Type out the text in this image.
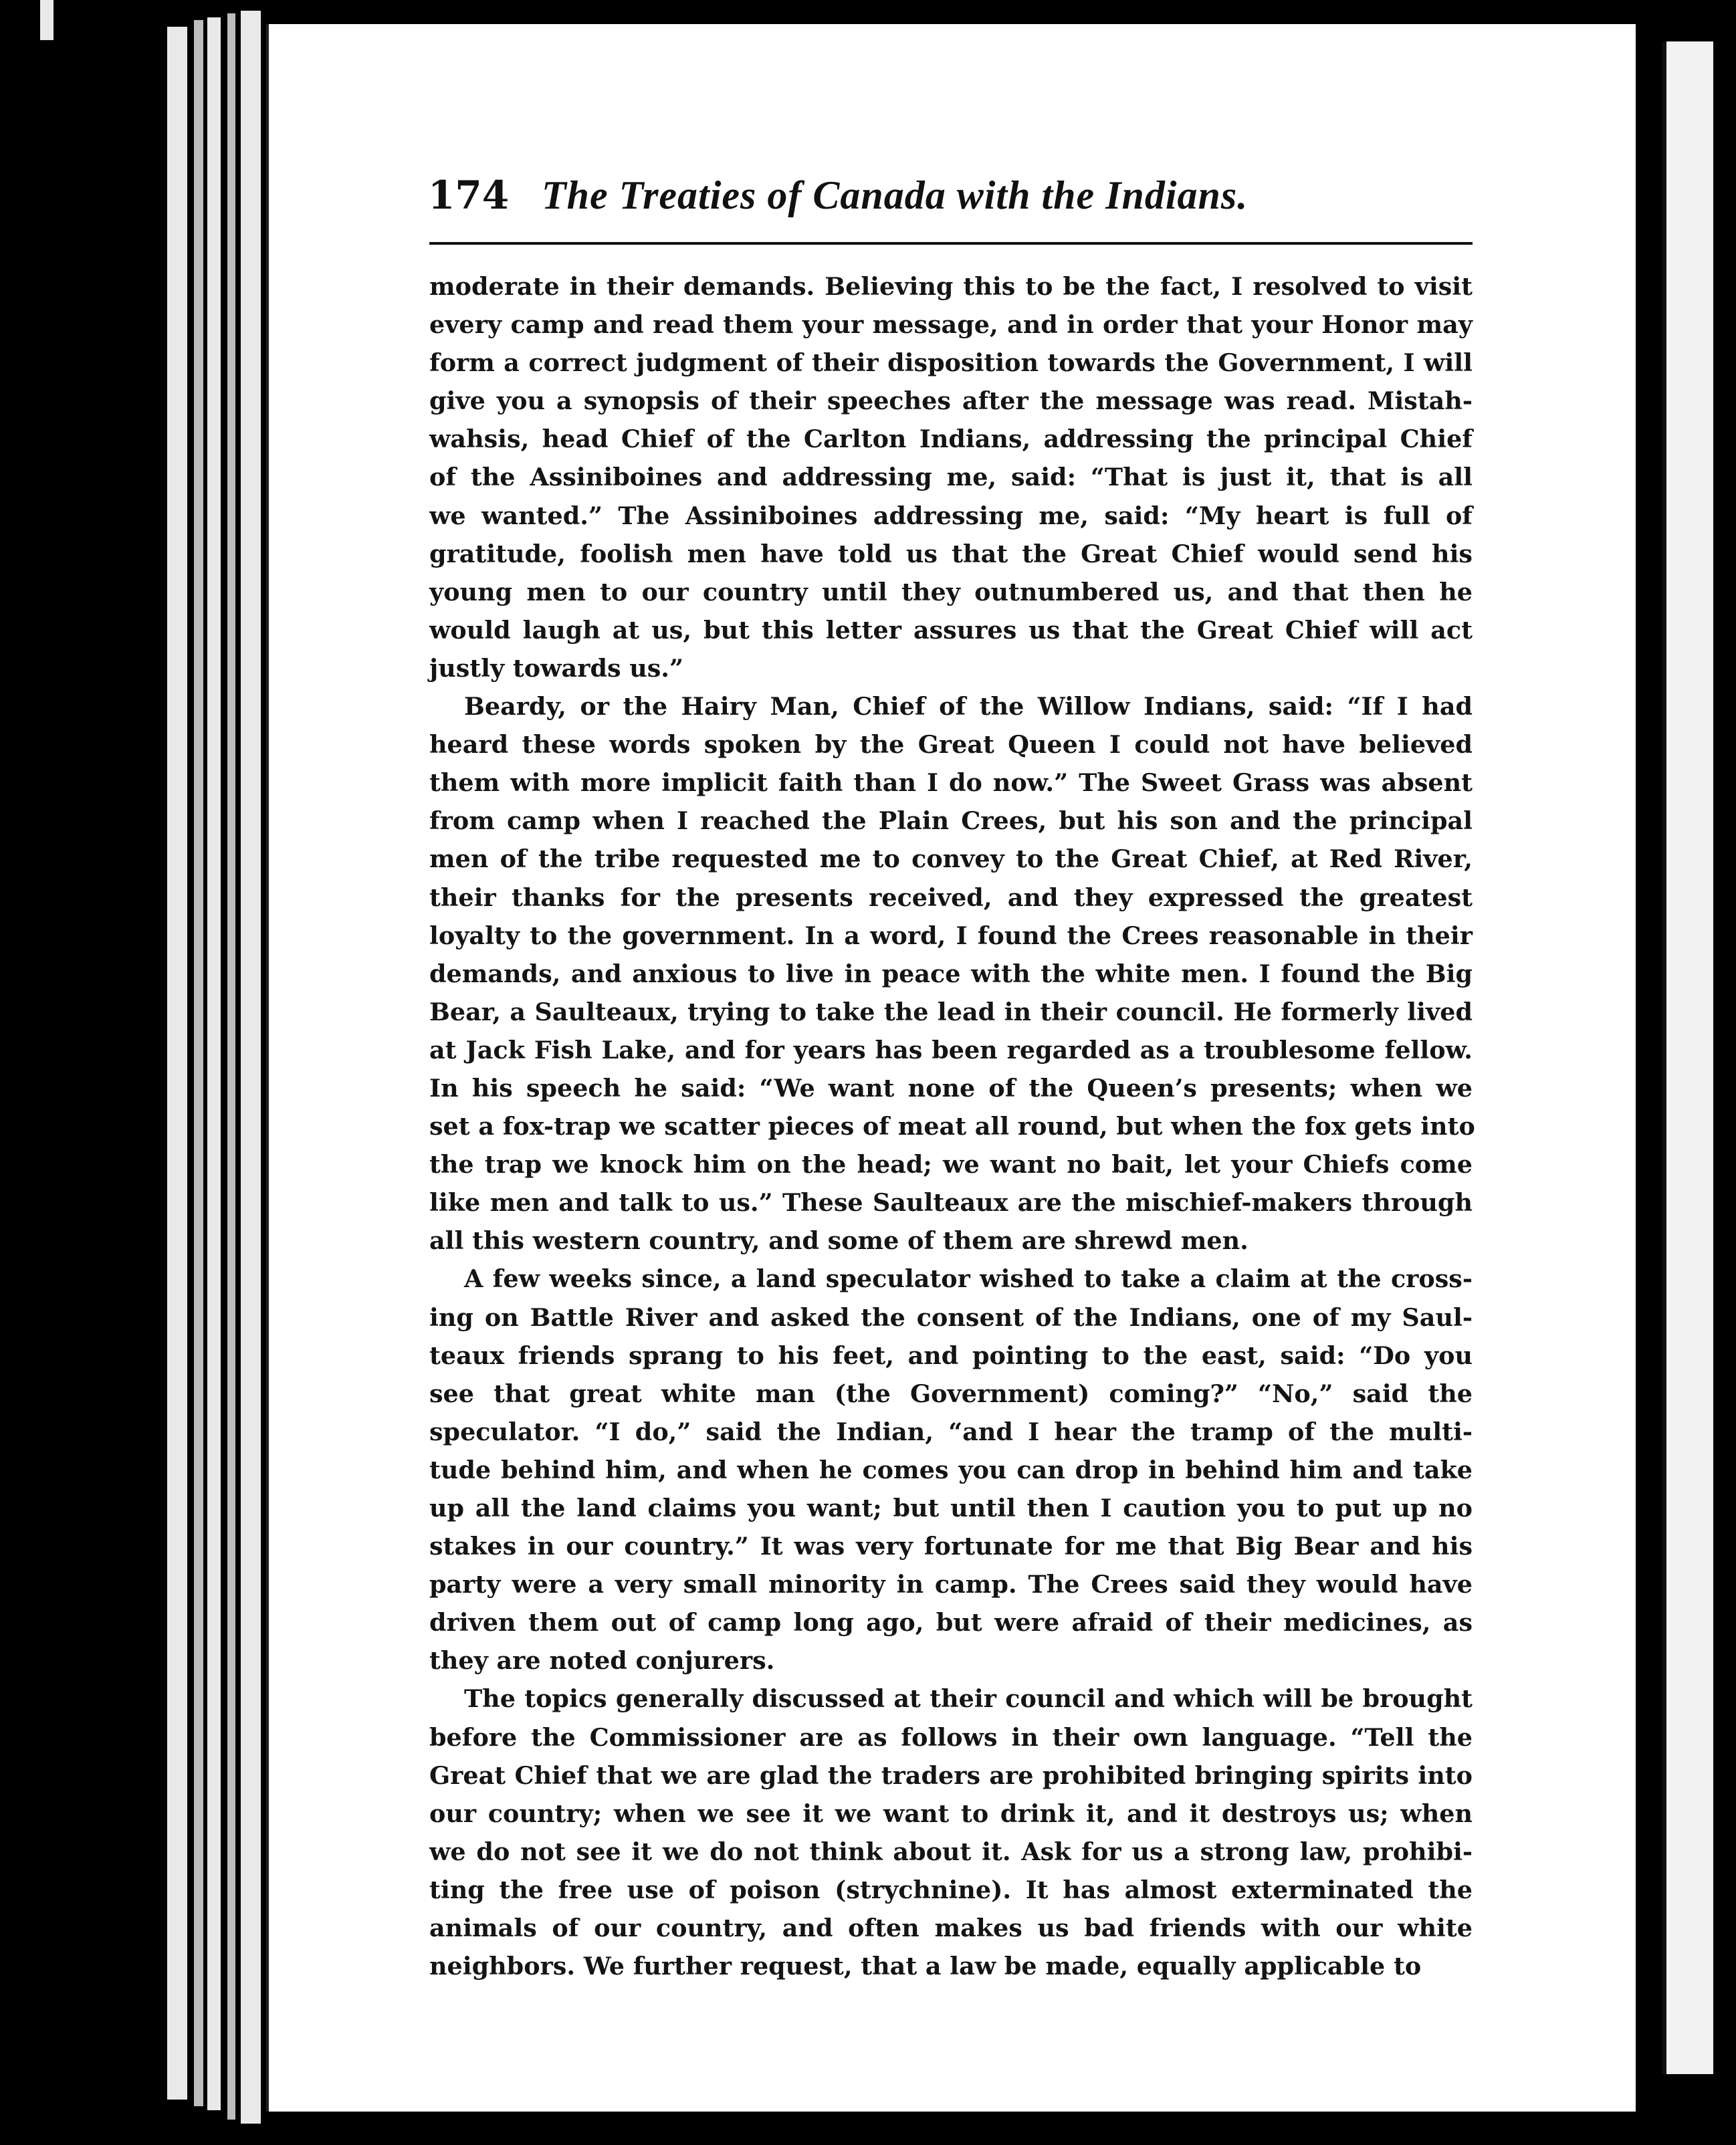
174 The Treaties of Canada with the Indians.
moderate in their demands. Believing this to be the fact, I resolved to visit
every camp and read them your message, and in order that your Honor may
form a correct judgment of their disposition towards the Government, I will
give you a synopsis of their speeches after the message was read. Mistah-
wahsis, head Chief of the Carlton Indians, addressing the principal Chief
of the Assiniboines and addressing me, said: “That is just it, that is all
we wanted.” The Assiniboines addressing me, said: “My heart is full of
gratitude, foolish men have told us that the Great Chief would send his
young men to our country until they outnumbered us, and that then he
would laugh at us, but this letter assures us that the Great Chief will act
justly towards us.”
Beardy, or the Hairy Man, Chief of the Willow Indians, said: “If I had
heard these words spoken by the Great Queen I could not have believed
them with more implicit faith than I do now.” The Sweet Grass was absent
from camp when I reached the Plain Crees, but his son and the principal
men of the tribe requested me to convey to the Great Chief, at Red River,
their thanks for the presents received, and they expressed the greatest
loyalty to the government. In a word, I found the Crees reasonable in their
demands, and anxious to live in peace with the white men. I found the Big
Bear, a Saulteaux, trying to take the lead in their council. He formerly lived
at Jack Fish Lake, and for years has been regarded as a troublesome fellow.
In his speech he said: “We want none of the Queen’s presents; when we
set a fox-trap we scatter pieces of meat all round, but when the fox gets into
the trap we knock him on the head; we want no bait, let your Chiefs come
like men and talk to us.” These Saulteaux are the mischief-makers through
all this western country, and some of them are shrewd men.
A few weeks since, a land speculator wished to take a claim at the cross-
ing on Battle River and asked the consent of the Indians, one of my Saul-
teaux friends sprang to his feet, and pointing to the east, said: “Do you
see that great white man (the Government) coming?” “No,” said the
speculator. “I do,” said the Indian, “and I hear the tramp of the multi-
tude behind him, and when he comes you can drop in behind him and take
up all the land claims you want; but until then I caution you to put up no
stakes in our country.” It was very fortunate for me that Big Bear and his
party were a very small minority in camp. The Crees said they would have
driven them out of camp long ago, but were afraid of their medicines, as
they are noted conjurers.
The topics generally discussed at their council and which will be brought
before the Commissioner are as follows in their own language. “Tell the
Great Chief that we are glad the traders are prohibited bringing spirits into
our country; when we see it we want to drink it, and it destroys us; when
we do not see it we do not think about it. Ask for us a strong law, prohibi-
ting the free use of poison (strychnine). It has almost exterminated the
animals of our country, and often makes us bad friends with our white
neighbors. We further request, that a law be made, equally applicable to
